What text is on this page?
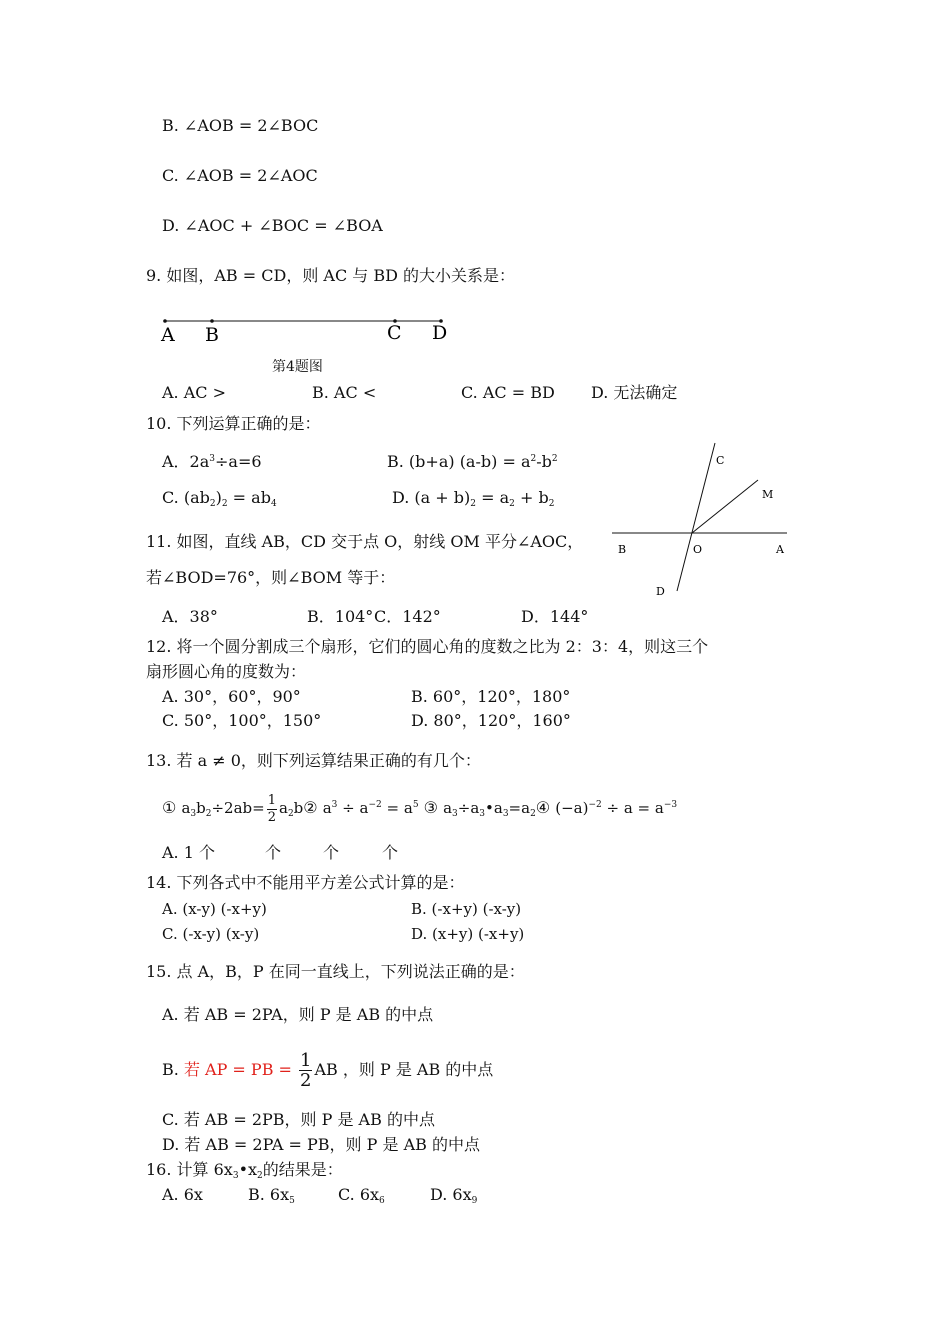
B. ∠AOB = 2∠BOC
C. ∠AOB = 2∠AOC
D. ∠AOC + ∠BOC = ∠BOA
9. 如图，AB = CD，则 AC 与 BD 的大小关系是：
A B	C D
第4题图
A. AC >	B. AC <	C. AC = BD D. 无法确定
10. 下列运算正确的是：
A．$2a^3\div a=6$	B. (b+a) $(a-b) = a^2-b^2$
C. (ab2)2 = ab4	D. (a + b)2 = a2 + b2
C
M
B	O	A
D
11. 如图，直线 AB，CD 交于点 O，射线 OM 平分∠AOC，
若∠BOD=76°，则∠BOM 等于：
A．38°	B．104° C．142°	D．144°
12. 将一个圆分割成三个扇形，它们的圆心角的度数之比为 2：3：4，则这三个
扇形圆心角的度数为：
A. 30°，60°，90°	B. 60°，120°，180°
C. 50°，100°，150°	D. 80°，120°，160°
13. 若 a ≠ 0，则下列运算结果正确的有几个：
① $a_3b_2\div 2ab= \frac{1}{2}$ $a_2b②$ $a^3 \div a^{-2} = a^5$ ③ $a_3\div a_3•a_3=a_2④$ $(-a)^{-2} \div a = a^{-3}$
A. 1 个	个	个	个
14. 下列各式中不能用平方差公式计算的是：
A. (x-y) (-x+y)	B. (-x+y) (-x-y)
C. (-x-y) (x-y)	D. (x+y) (-x+y)
15. 点 A，B，P 在同一直线上，下列说法正确的是：
A. 若 AB = 2PA，则 P 是 AB 的中点
B. 若 AP = PB = $\frac{1}{2}$ AB ，则 P 是 AB 的中点
C. 若 AB = 2PB，则 P 是 AB 的中点
D. 若 AB = 2PA = PB，则 P 是 AB 的中点
16. 计算 6x3•x2的结果是：
A. 6x	B. 6x5	C. 6x6	D. 6x9
